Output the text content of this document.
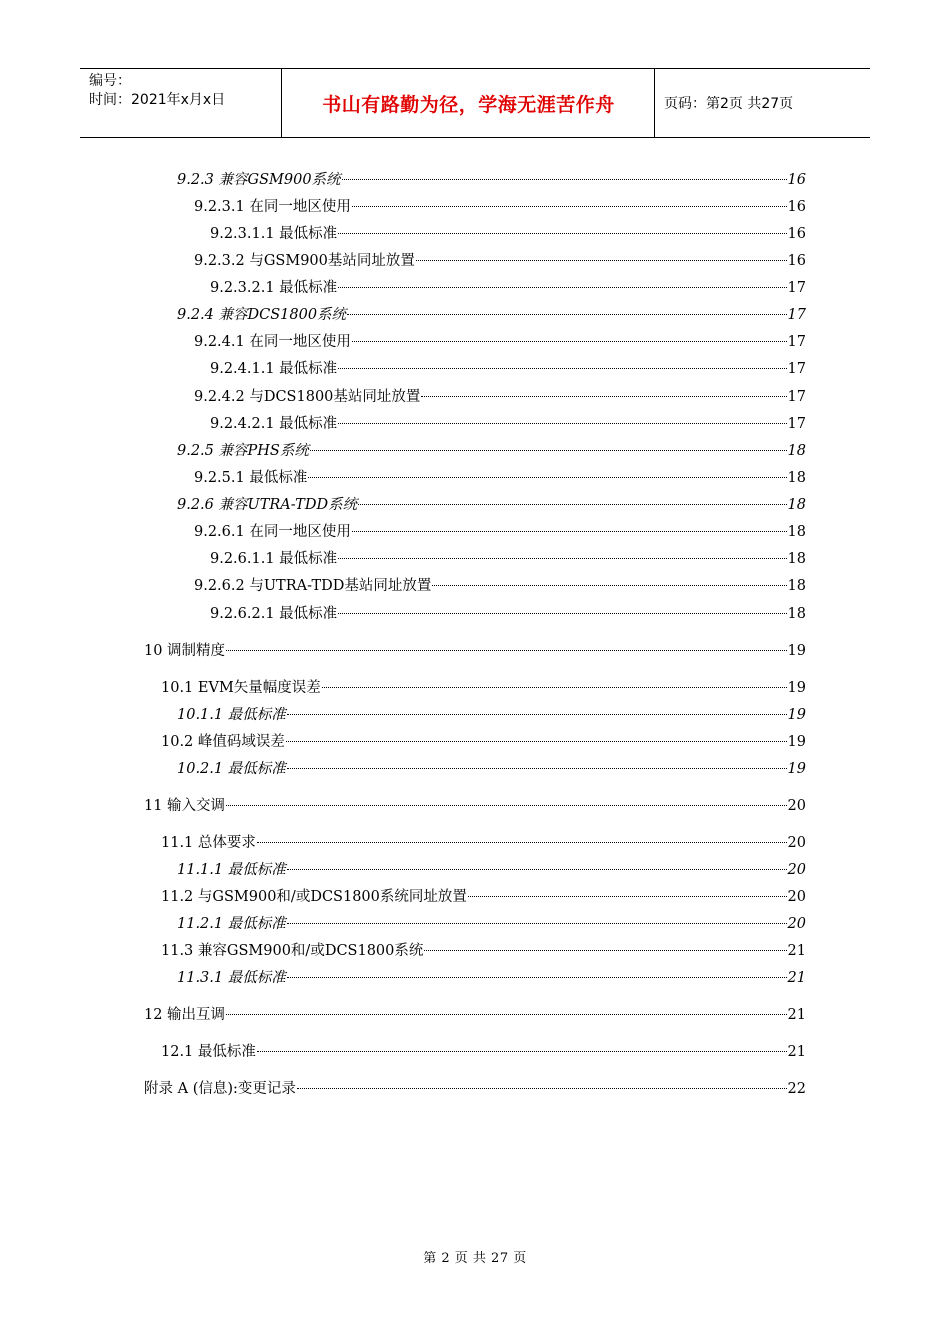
编号：
时间：2021年x月x日	书山有路勤为径，学海无涯苦作舟	页码：第2页 共27页
9.2.3 兼容GSM900系统	16
9.2.3.1 在同一地区使用	16
9.2.3.1.1 最低标准	16
9.2.3.2 与GSM900基站同址放置	16
9.2.3.2.1 最低标准	17
9.2.4 兼容DCS1800系统	17
9.2.4.1 在同一地区使用	17
9.2.4.1.1 最低标准	17
9.2.4.2 与DCS1800基站同址放置	17
9.2.4.2.1 最低标准	17
9.2.5 兼容PHS系统	18
9.2.5.1 最低标准	18
9.2.6 兼容UTRA-TDD系统	18
9.2.6.1 在同一地区使用	18
9.2.6.1.1 最低标准	18
9.2.6.2 与UTRA-TDD基站同址放置	18
9.2.6.2.1 最低标准	18
10 调制精度	19
10.1 EVM矢量幅度误差	19
10.1.1 最低标准	19
10.2 峰值码域误差	19
10.2.1 最低标准	19
11 输入交调	20
11.1 总体要求	20
11.1.1 最低标准	20
11.2 与GSM900和/或DCS1800系统同址放置	20
11.2.1 最低标准	20
11.3 兼容GSM900和/或DCS1800系统	21
11.3.1 最低标准	21
12 输出互调	21
12.1 最低标准	21
附录 A (信息):变更记录	22
第 2 页 共 27 页
